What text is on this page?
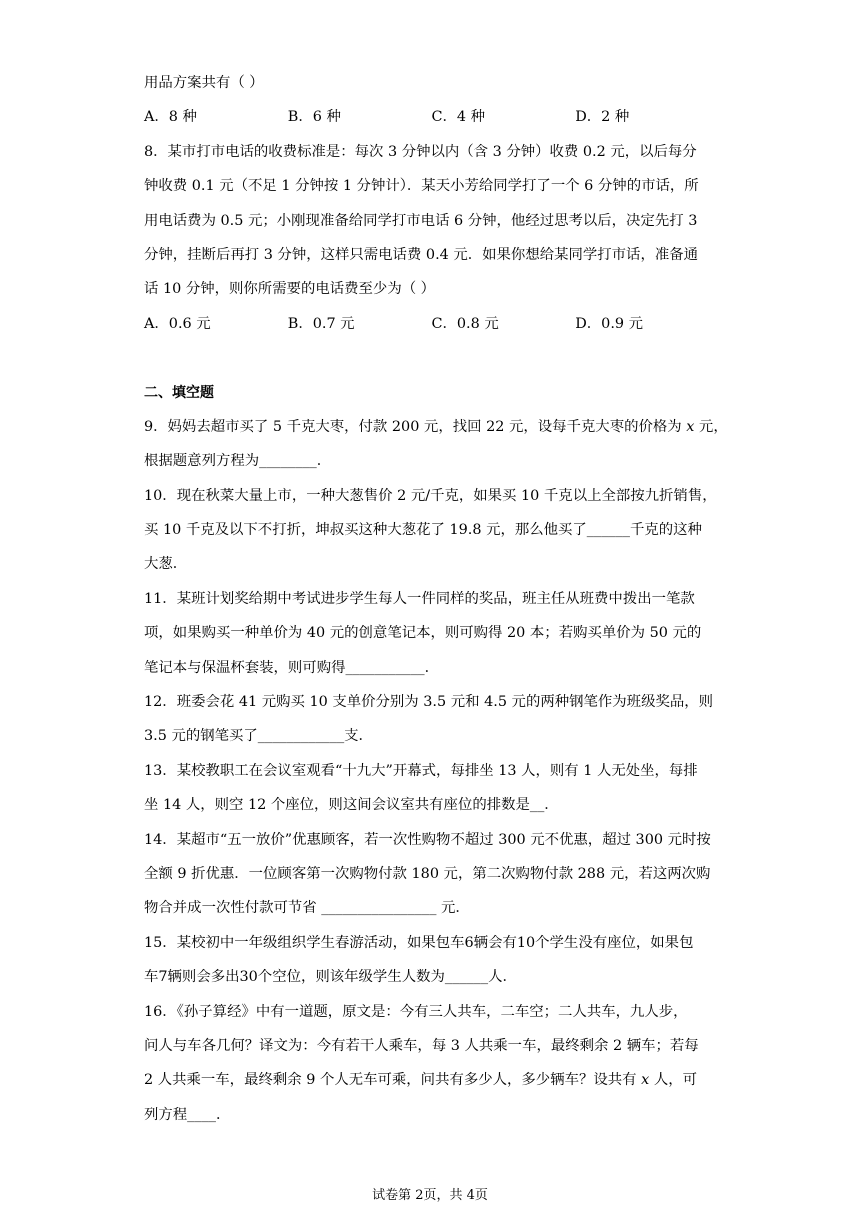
用品方案共有（ ）
A．8 种	B．6 种	C．4 种	D．2 种
8．某市打市电话的收费标准是：每次 3 分钟以内（含 3 分钟）收费 0.2 元，以后每分
钟收费 0.1 元（不足 1 分钟按 1 分钟计）．某天小芳给同学打了一个 6 分钟的市话，所
用电话费为 0.5 元；小刚现准备给同学打市电话 6 分钟，他经过思考以后，决定先打 3
分钟，挂断后再打 3 分钟，这样只需电话费 0.4 元．如果你想给某同学打市话，准备通
话 10 分钟，则你所需要的电话费至少为（ ）
A．0.6 元	B．0.7 元	C．0.8 元	D．0.9 元
二、填空题
9．妈妈去超市买了 5 千克大枣，付款 200 元，找回 22 元，设每千克大枣的价格为 x 元，
根据题意列方程为________．
10．现在秋菜大量上市，一种大葱售价 2 元/千克，如果买 10 千克以上全部按九折销售，
买 10 千克及以下不打折，坤叔买这种大葱花了 19.8 元，那么他买了______千克的这种
大葱．
11．某班计划奖给期中考试进步学生每人一件同样的奖品，班主任从班费中拨出一笔款
项，如果购买一种单价为 40 元的创意笔记本，则可购得 20 本；若购买单价为 50 元的
笔记本与保温杯套装，则可购得___________．
12．班委会花 41 元购买 10 支单价分别为 3.5 元和 4.5 元的两种钢笔作为班级奖品，则
3.5 元的钢笔买了____________支．
13．某校教职工在会议室观看“十九大”开幕式，每排坐 13 人，则有 1 人无处坐，每排
坐 14 人，则空 12 个座位，则这间会议室共有座位的排数是__．
14．某超市“五一放价”优惠顾客，若一次性购物不超过 300 元不优惠，超过 300 元时按
全额 9 折优惠．一位顾客第一次购物付款 180 元，第二次购物付款 288 元，若这两次购
物合并成一次性付款可节省 ________________ 元．
15．某校初中一年级组织学生春游活动，如果包车6辆会有10个学生没有座位，如果包
车7辆则会多出30个空位，则该年级学生人数为______人．
16．《孙子算经》中有一道题，原文是：今有三人共车，二车空；二人共车，九人步，
问人与车各几何？译文为：今有若干人乘车，每 3 人共乘一车，最终剩余 2 辆车；若每
2 人共乘一车，最终剩余 9 个人无车可乘，问共有多少人，多少辆车？设共有 x 人，可
列方程____．
试卷第 2页，共 4页
